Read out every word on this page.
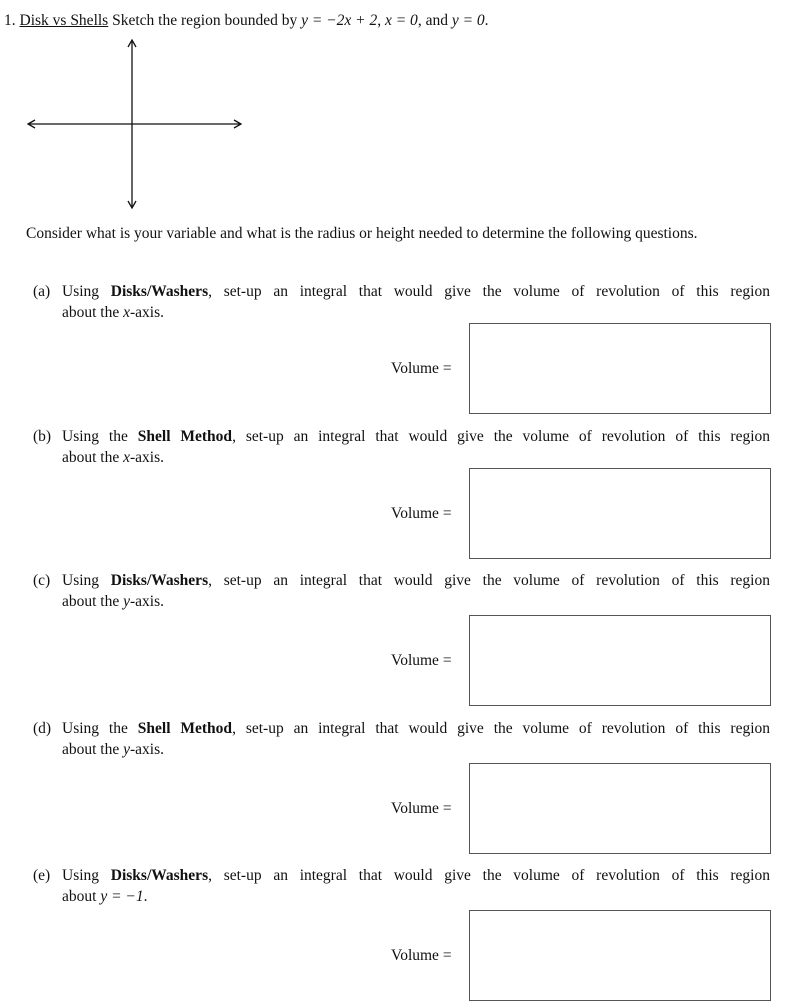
1. Disk vs Shells Sketch the region bounded by y = −2x + 2, x = 0, and y = 0.
Consider what is your variable and what is the radius or height needed to determine the following questions.
(a) Using Disks/Washers, set-up an integral that would give the volume of revolution of this region
about the x-axis.
Volume =
(b) Using the Shell Method, set-up an integral that would give the volume of revolution of this region
about the x-axis.
Volume =
(c) Using Disks/Washers, set-up an integral that would give the volume of revolution of this region
about the y-axis.
Volume =
(d) Using the Shell Method, set-up an integral that would give the volume of revolution of this region
about the y-axis.
Volume =
(e) Using Disks/Washers, set-up an integral that would give the volume of revolution of this region
about y = −1.
Volume =
